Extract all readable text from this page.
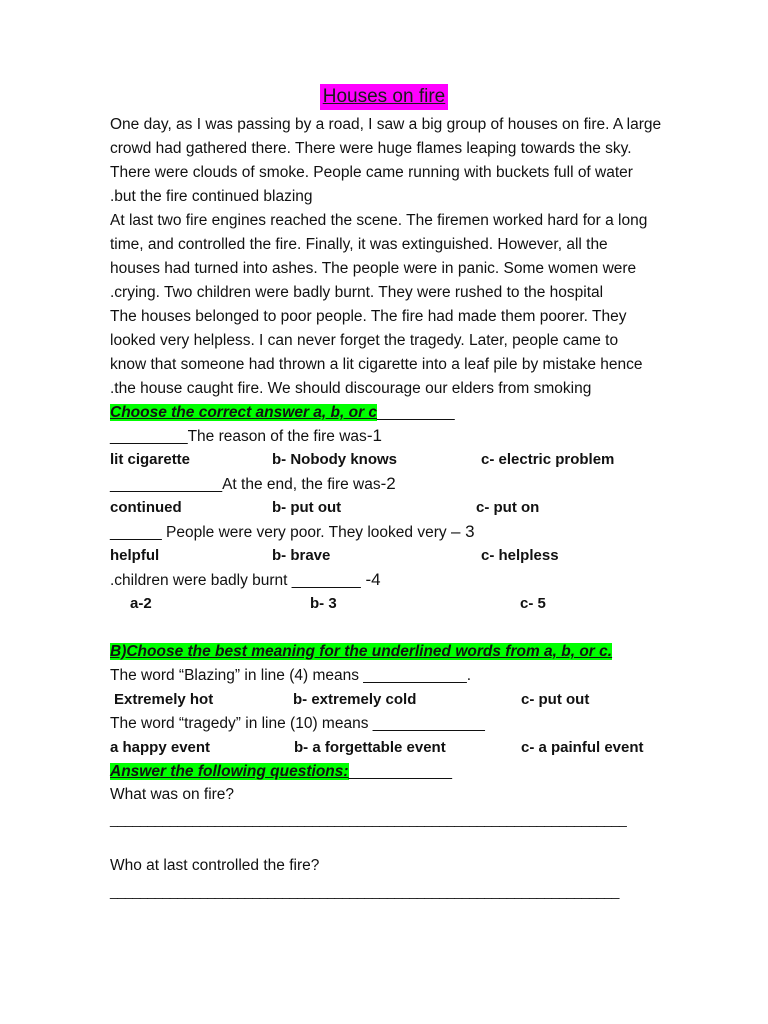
Houses on fire
One day, as I was passing by a road, I saw a big group of houses on fire. A large
crowd had gathered there. There were huge flames leaping towards the sky.
There were clouds of smoke. People came running with buckets full of water
.but the fire continued blazing
At last two fire engines reached the scene. The firemen worked hard for a long
time, and controlled the fire. Finally, it was extinguished. However, all the
houses had turned into ashes. The people were in panic. Some women were
.crying. Two children were badly burnt. They were rushed to the hospital
The houses belonged to poor people. The fire had made them poorer. They
looked very helpless. I can never forget the tragedy. Later, people came to
know that someone had thrown a lit cigarette into a leaf pile by mistake hence
.the house caught fire. We should discourage our elders from smoking
Choose the correct answer a, b, or c_________
_________The reason of the fire was-1
lit cigarette	b- Nobody knows	c- electric problem
_____________At the end, the fire was-2
continued	b- put out	c- put on
______ People were very poor. They looked very – 3
helpful	b- brave	c- helpless
.children were badly burnt ________ -4
a-2	b- 3	c- 5
B)Choose the best meaning for the underlined words from a, b, or c.
The word “Blazing” in line (4) means ____________.
Extremely hot	b- extremely cold	c- put out
The word “tragedy” in line (10) means _____________
a happy event	b- a forgettable event	c- a painful event
Answer the following questions:____________
What was on fire?
_____________________________________________________________________
Who at last controlled the fire?
____________________________________________________________________
